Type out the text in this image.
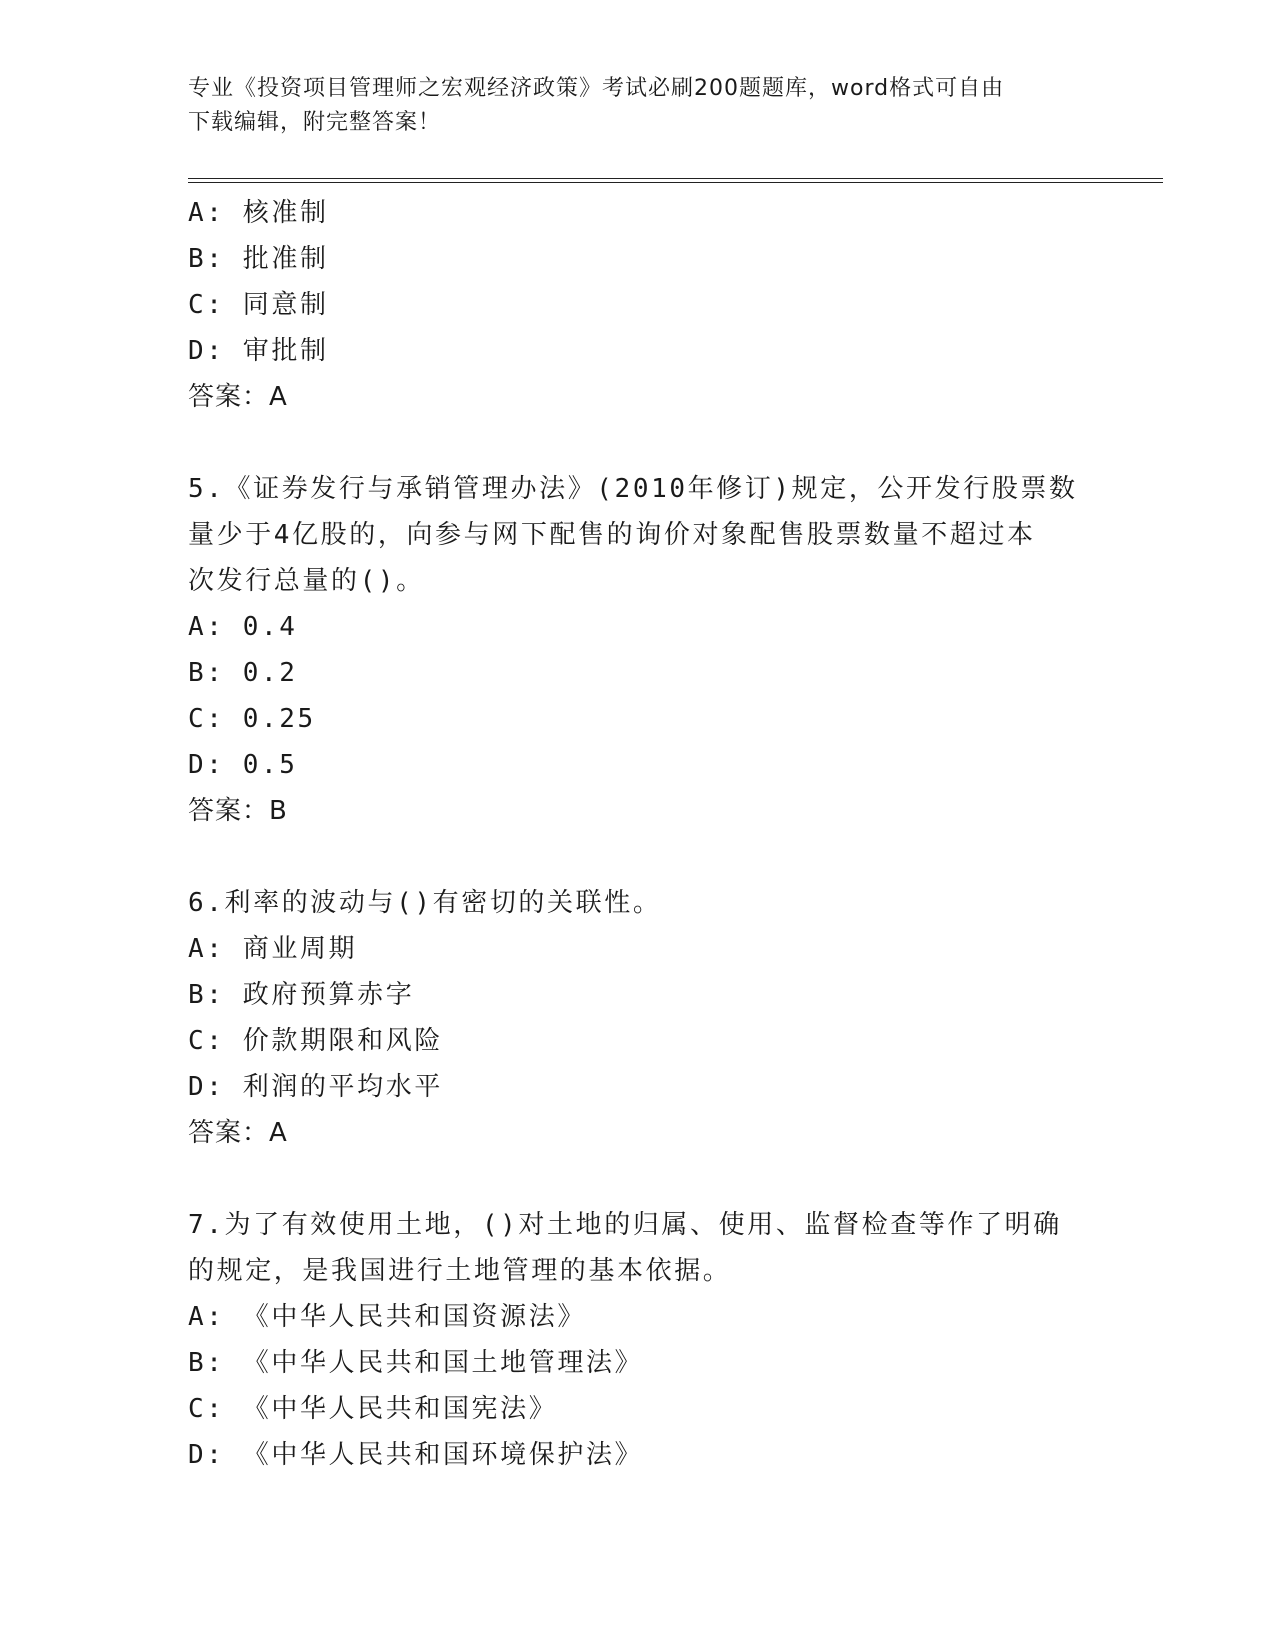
专业《投资项目管理师之宏观经济政策》考试必刷200题题库，word格式可自由
下载编辑，附完整答案！
A: 核准制
B: 批准制
C: 同意制
D: 审批制
答案：A
5.《证券发行与承销管理办法》(2010年修订)规定，公开发行股票数
量少于4亿股的，向参与网下配售的询价对象配售股票数量不超过本
次发行总量的()。
A: 0.4
B: 0.2
C: 0.25
D: 0.5
答案：B
6.利率的波动与()有密切的关联性。
A: 商业周期
B: 政府预算赤字
C: 价款期限和风险
D: 利润的平均水平
答案：A
7.为了有效使用土地，()对土地的归属、使用、监督检查等作了明确
的规定，是我国进行土地管理的基本依据。
A: 《中华人民共和国资源法》
B: 《中华人民共和国土地管理法》
C: 《中华人民共和国宪法》
D: 《中华人民共和国环境保护法》
